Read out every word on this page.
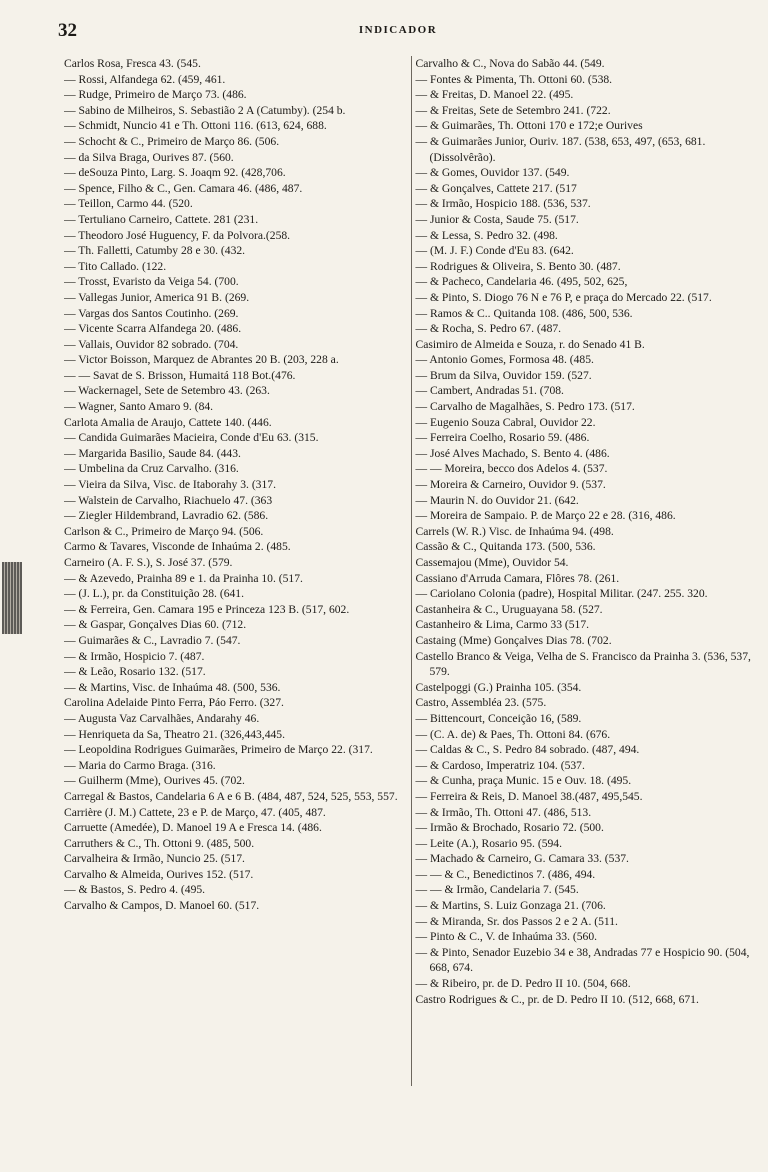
32	INDICADOR

Carlos Rosa, Fresca 43. (545.

— Rossi, Alfandega 62. (459, 461.

— Rudge, Primeiro de Março 73. (486.

— Sabino de Milheiros, S. Sebastião 2 A (Catumby). (254 b.

— Schmidt, Nuncio 41 e Th. Ottoni 116. (613, 624, 688.

— Schocht & C., Primeiro de Março 86. (506.

— da Silva Braga, Ourives 87. (560.

— deSouza Pinto, Larg. S. Joaqm 92. (428,706.

— Spence, Filho & C., Gen. Camara 46. (486, 487.

— Teillon, Carmo 44. (520.

— Tertuliano Carneiro, Cattete. 281 (231.

— Theodoro José Huguency, F. da Polvora.(258.

— Th. Falletti, Catumby 28 e 30. (432.

— Tito Callado. (122.

— Trosst, Evaristo da Veiga 54. (700.

— Vallegas Junior, America 91 B. (269.

— Vargas dos Santos Coutinho. (269.

— Vicente Scarra Alfandega 20. (486.

— Vallais, Ouvidor 82 sobrado. (704.

— Victor Boisson, Marquez de Abrantes 20 B. (203, 228 a.

— — Savat de S. Brisson, Humaitá 118 Bot.(476.

— Wackernagel, Sete de Setembro 43. (263.

— Wagner, Santo Amaro 9. (84.

Carlota Amalia de Araujo, Cattete 140. (446.

— Candida Guimarães Macieira, Conde d'Eu 63. (315.

— Margarida Basilio, Saude 84. (443.

— Umbelina da Cruz Carvalho. (316.

— Vieira da Silva, Visc. de Itaborahy 3. (317.

— Walstein de Carvalho, Riachuelo 47. (363

— Ziegler Hildembrand, Lavradio 62. (586.

Carlson & C., Primeiro de Março 94. (506.

Carmo & Tavares, Visconde de Inhaúma 2. (485.

Carneiro (A. F. S.), S. José 37. (579.

— & Azevedo, Prainha 89 e 1. da Prainha 10. (517.

— (J. L.), pr. da Constituição 28. (641.

— & Ferreira, Gen. Camara 195 e Princeza 123 B. (517, 602.

— & Gaspar, Gonçalves Dias 60. (712.

— Guimarães & C., Lavradio 7. (547.

— & Irmão, Hospicio 7. (487.

— & Leão, Rosario 132. (517.

— & Martins, Visc. de Inhaúma 48. (500, 536.

Carolina Adelaide Pinto Ferra, Páo Ferro. (327.

— Augusta Vaz Carvalhães, Andarahy 46.

— Henriqueta da Sa, Theatro 21. (326,443,445.

— Leopoldina Rodrigues Guimarães, Primeiro de Março 22. (317.

— Maria do Carmo Braga. (316.

— Guilherm (Mme), Ourives 45. (702.

Carregal & Bastos, Candelaria 6 A e 6 B. (484, 487, 524, 525, 553, 557.

Carrière (J. M.) Cattete, 23 e P. de Março, 47. (405, 487.

Carruette (Amedée), D. Manoel 19 A e Fresca 14. (486.

Carruthers & C., Th. Ottoni 9. (485, 500.

Carvalheira & Irmão, Nuncio 25. (517.

Carvalho & Almeida, Ourives 152. (517.

— & Bastos, S. Pedro 4. (495.

Carvalho & Campos, D. Manoel 60. (517.

Carvalho & C., Nova do Sabão 44. (549.

— Fontes & Pimenta, Th. Ottoni 60. (538.

— & Freitas, D. Manoel 22. (495.

— & Freitas, Sete de Setembro 241. (722.

— & Guimarães, Th. Ottoni 170 e 172;e Ourives

— & Guimarães Junior, Ouriv. 187. (538, 653, 497, (653, 681. (Dissolvêrão).

— & Gomes, Ouvidor 137. (549.

— & Gonçalves, Cattete 217. (517

— & Irmão, Hospicio 188. (536, 537.

— Junior & Costa, Saude 75. (517.

— & Lessa, S. Pedro 32. (498.

— (M. J. F.) Conde d'Eu 83. (642.

— Rodrigues & Oliveira, S. Bento 30. (487.

— & Pacheco, Candelaria 46. (495, 502, 625,

— & Pinto, S. Diogo 76 N e 76 P, e praça do Mercado 22. (517.

— Ramos & C.. Quitanda 108. (486, 500, 536.

— & Rocha, S. Pedro 67. (487.

Casimiro de Almeida e Souza, r. do Senado 41 B.

— Antonio Gomes, Formosa 48. (485.

— Brum da Silva, Ouvidor 159. (527.

— Cambert, Andradas 51. (708.

— Carvalho de Magalhães, S. Pedro 173. (517.

— Eugenio Souza Cabral, Ouvidor 22.

— Ferreira Coelho, Rosario 59. (486.

— José Alves Machado, S. Bento 4. (486.

— — Moreira, becco dos Adelos 4. (537.

— Moreira & Carneiro, Ouvidor 9. (537.

— Maurin N. do Ouvidor 21. (642.

— Moreira de Sampaio. P. de Março 22 e 28. (316, 486.

Carrels (W. R.) Visc. de Inhaúma 94. (498.

Cassão & C., Quitanda 173. (500, 536.

Cassemajou (Mme), Ouvidor 54.

Cassiano d'Arruda Camara, Flôres 78. (261.

— Cariolano Colonia (padre), Hospital Militar. (247. 255. 320.

Castanheira & C., Uruguayana 58. (527.

Castanheiro & Lima, Carmo 33 (517.

Castaing (Mme) Gonçalves Dias 78. (702.

Castello Branco & Veiga, Velha de S. Francisco da Prainha 3. (536, 537, 579.

Castelpoggi (G.) Prainha 105. (354.

Castro, Assembléa 23. (575.

— Bittencourt, Conceição 16, (589.

— (C. A. de) & Paes, Th. Ottoni 84. (676.

— Caldas & C., S. Pedro 84 sobrado. (487, 494.

— & Cardoso, Imperatriz 104. (537.

— & Cunha, praça Munic. 15 e Ouv. 18. (495.

— Ferreira & Reis, D. Manoel 38.(487, 495,545.

— & Irmão, Th. Ottoni 47. (486, 513.

— Irmão & Brochado, Rosario 72. (500.

— Leite (A.), Rosario 95. (594.

— Machado & Carneiro, G. Camara 33. (537.

— — & C., Benedictinos 7. (486, 494.

— — & Irmão, Candelaria 7. (545.

— & Martins, S. Luiz Gonzaga 21. (706.

— & Miranda, Sr. dos Passos 2 e 2 A. (511.

— Pinto & C., V. de Inhaúma 33. (560.

— & Pinto, Senador Euzebio 34 e 38, Andradas 77 e Hospicio 90. (504, 668, 674.

— & Ribeiro, pr. de D. Pedro II 10. (504, 668.

Castro Rodrigues & C., pr. de D. Pedro II 10. (512, 668, 671.
